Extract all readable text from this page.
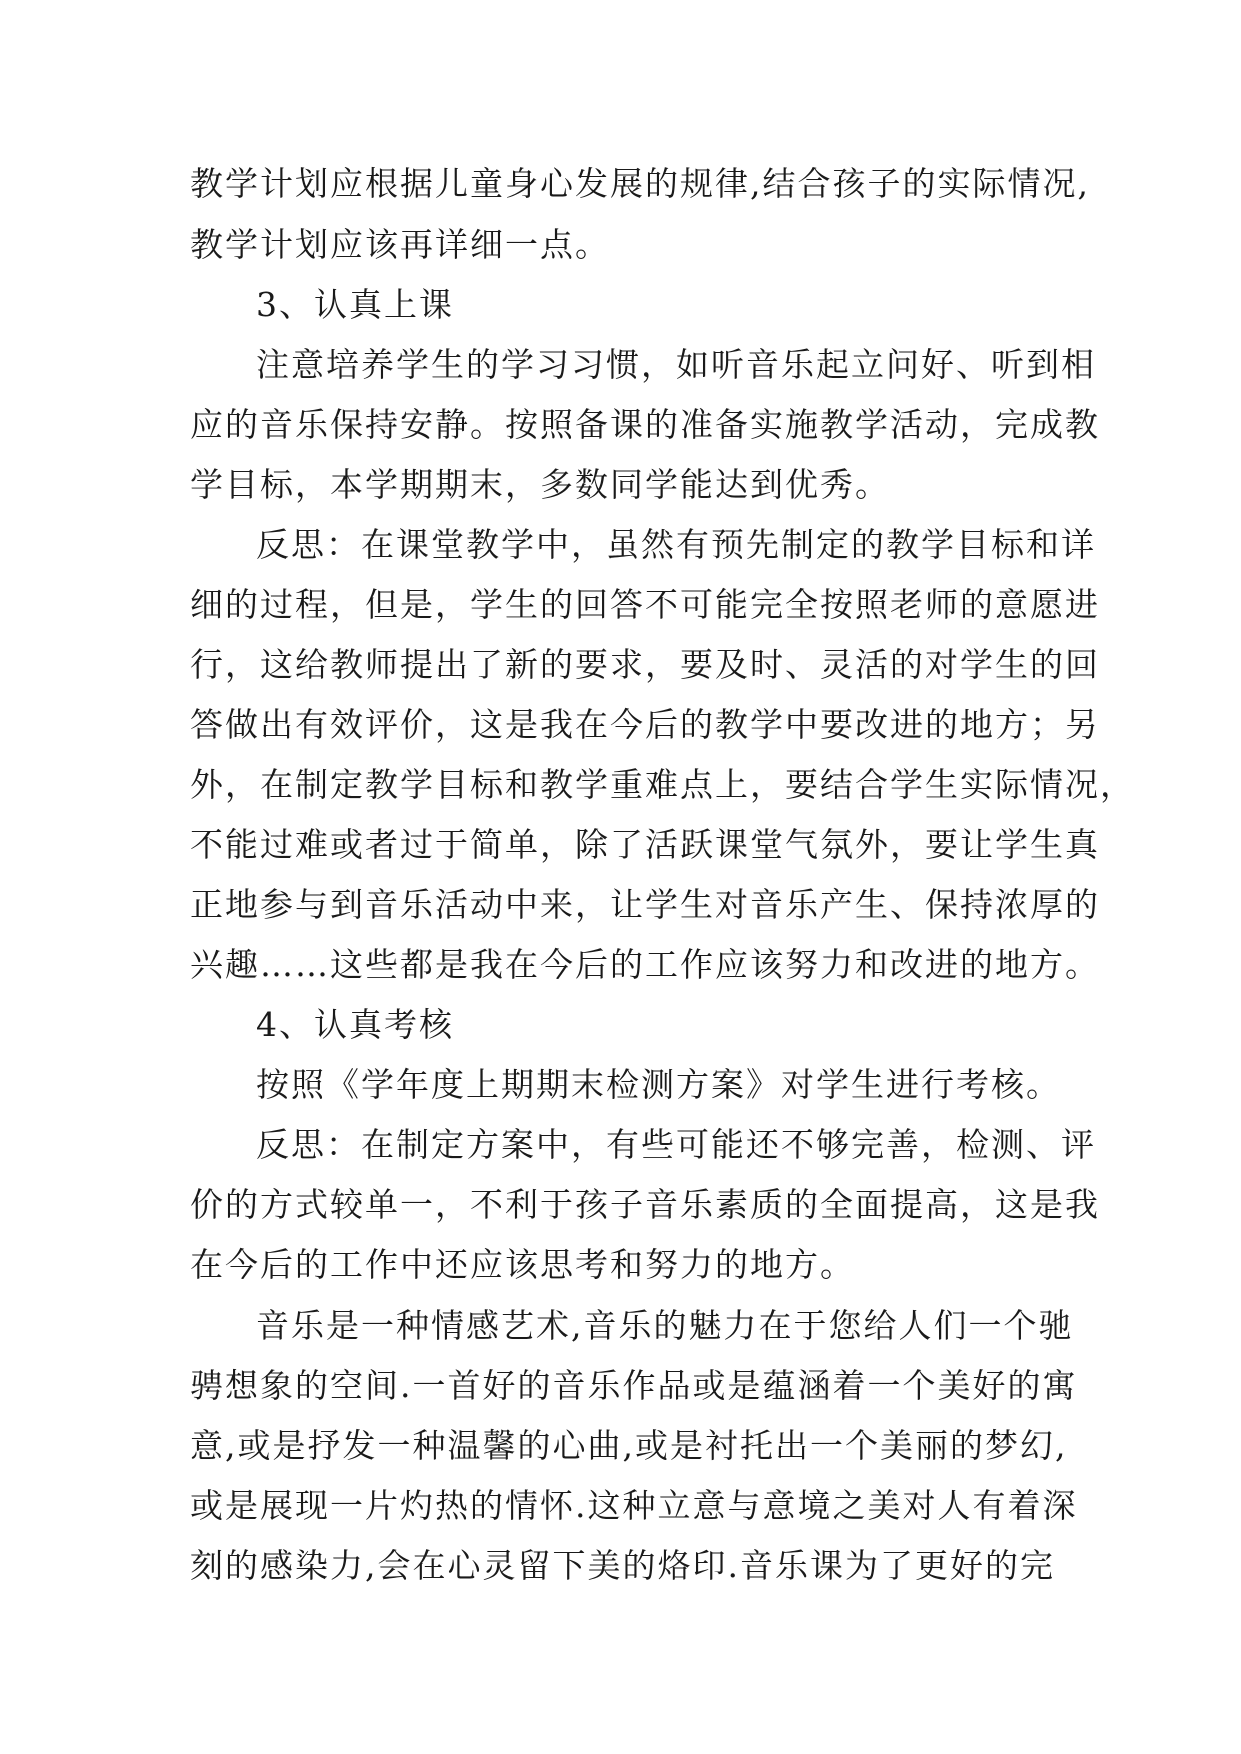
教学计划应根据儿童身心发展的规律,结合孩子的实际情况,
教学计划应该再详细一点。
3、认真上课
注意培养学生的学习习惯，如听音乐起立问好、听到相
应的音乐保持安静。按照备课的准备实施教学活动，完成教
学目标，本学期期末，多数同学能达到优秀。
反思：在课堂教学中，虽然有预先制定的教学目标和详
细的过程，但是，学生的回答不可能完全按照老师的意愿进
行，这给教师提出了新的要求，要及时、灵活的对学生的回
答做出有效评价，这是我在今后的教学中要改进的地方；另
外，在制定教学目标和教学重难点上，要结合学生实际情况，
不能过难或者过于简单，除了活跃课堂气氛外，要让学生真
正地参与到音乐活动中来，让学生对音乐产生、保持浓厚的
兴趣……这些都是我在今后的工作应该努力和改进的地方。
4、认真考核
按照《学年度上期期末检测方案》对学生进行考核。
反思：在制定方案中，有些可能还不够完善，检测、评
价的方式较单一，不利于孩子音乐素质的全面提高，这是我
在今后的工作中还应该思考和努力的地方。
音乐是一种情感艺术,音乐的魅力在于您给人们一个驰
骋想象的空间.一首好的音乐作品或是蕴涵着一个美好的寓
意,或是抒发一种温馨的心曲,或是衬托出一个美丽的梦幻,
或是展现一片灼热的情怀.这种立意与意境之美对人有着深
刻的感染力,会在心灵留下美的烙印.音乐课为了更好的完
